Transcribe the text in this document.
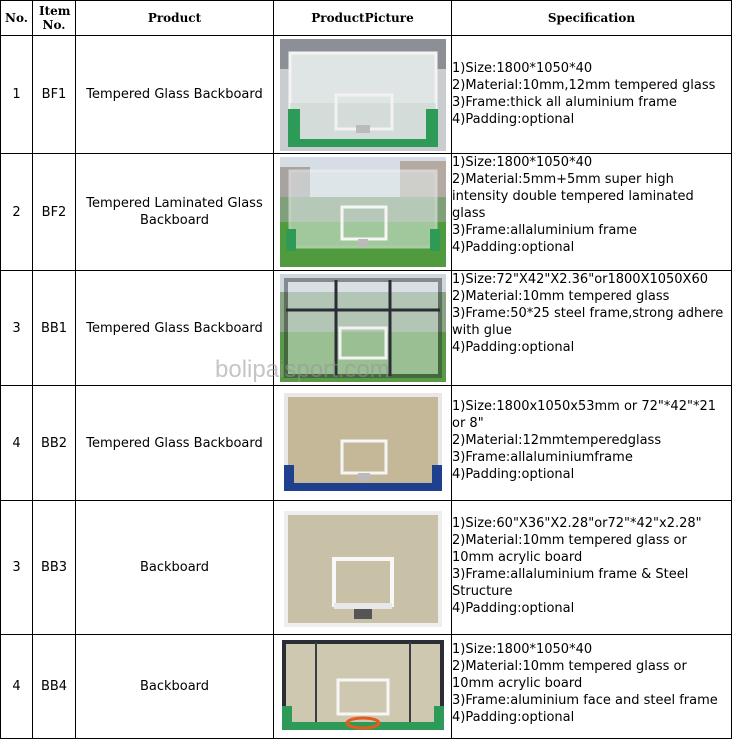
No.	Item No.	Product	ProductPicture	Specification
1	BF1	Tempered Glass Backboard		1)Size:1800*1050*40
2)Material:10mm,12mm tempered glass
3)Frame:thick all aluminium frame
4)Padding:optional

2	BF2	Tempered Laminated Glass Backboard		1)Size:1800*1050*40
2)Material:5mm+5mm super high intensity double tempered laminated glass
3)Frame:allaluminium frame
4)Padding:optional

3	BB1	Tempered Glass Backboard		1)Size:72"X42"X2.36"or1800X1050X60
2)Material:10mm tempered glass
3)Frame:50*25 steel frame,strong adhere with glue
4)Padding:optional

4	BB2	Tempered Glass Backboard		1)Size:1800x1050x53mm or 72"*42"*21 or 8"
2)Material:12mmtemperedglass
3)Frame:allaluminiumframe
4)Padding:optional

3	BB3	Backboard		1)Size:60"X36"X2.28"or72"*42"x2.28"
2)Material:10mm tempered glass or 10mm acrylic board
3)Frame:allaluminium frame & Steel Structure
4)Padding:optional

4	BB4	Backboard		1)Size:1800*1050*40
2)Material:10mm tempered glass or 10mm acrylic board
3)Frame:aluminium face and steel frame
4)Padding:optional
bolipaisport.com
